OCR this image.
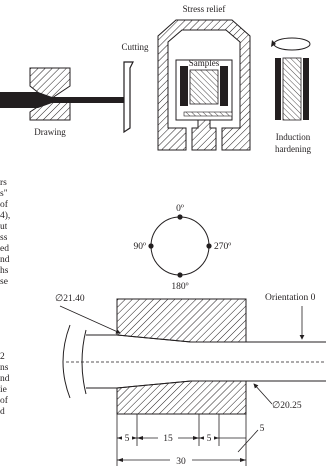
Drawing
Cutting
Stress relief
Samples
Induction
hardening
0º
90º	270º
180º
∅21.40	Orientation 0
∅20.25
5	15	5
5
30
rs
s"
of
4),
ut
ss
ed
nd
hs
se
2
ns
nd
ie
of
d
